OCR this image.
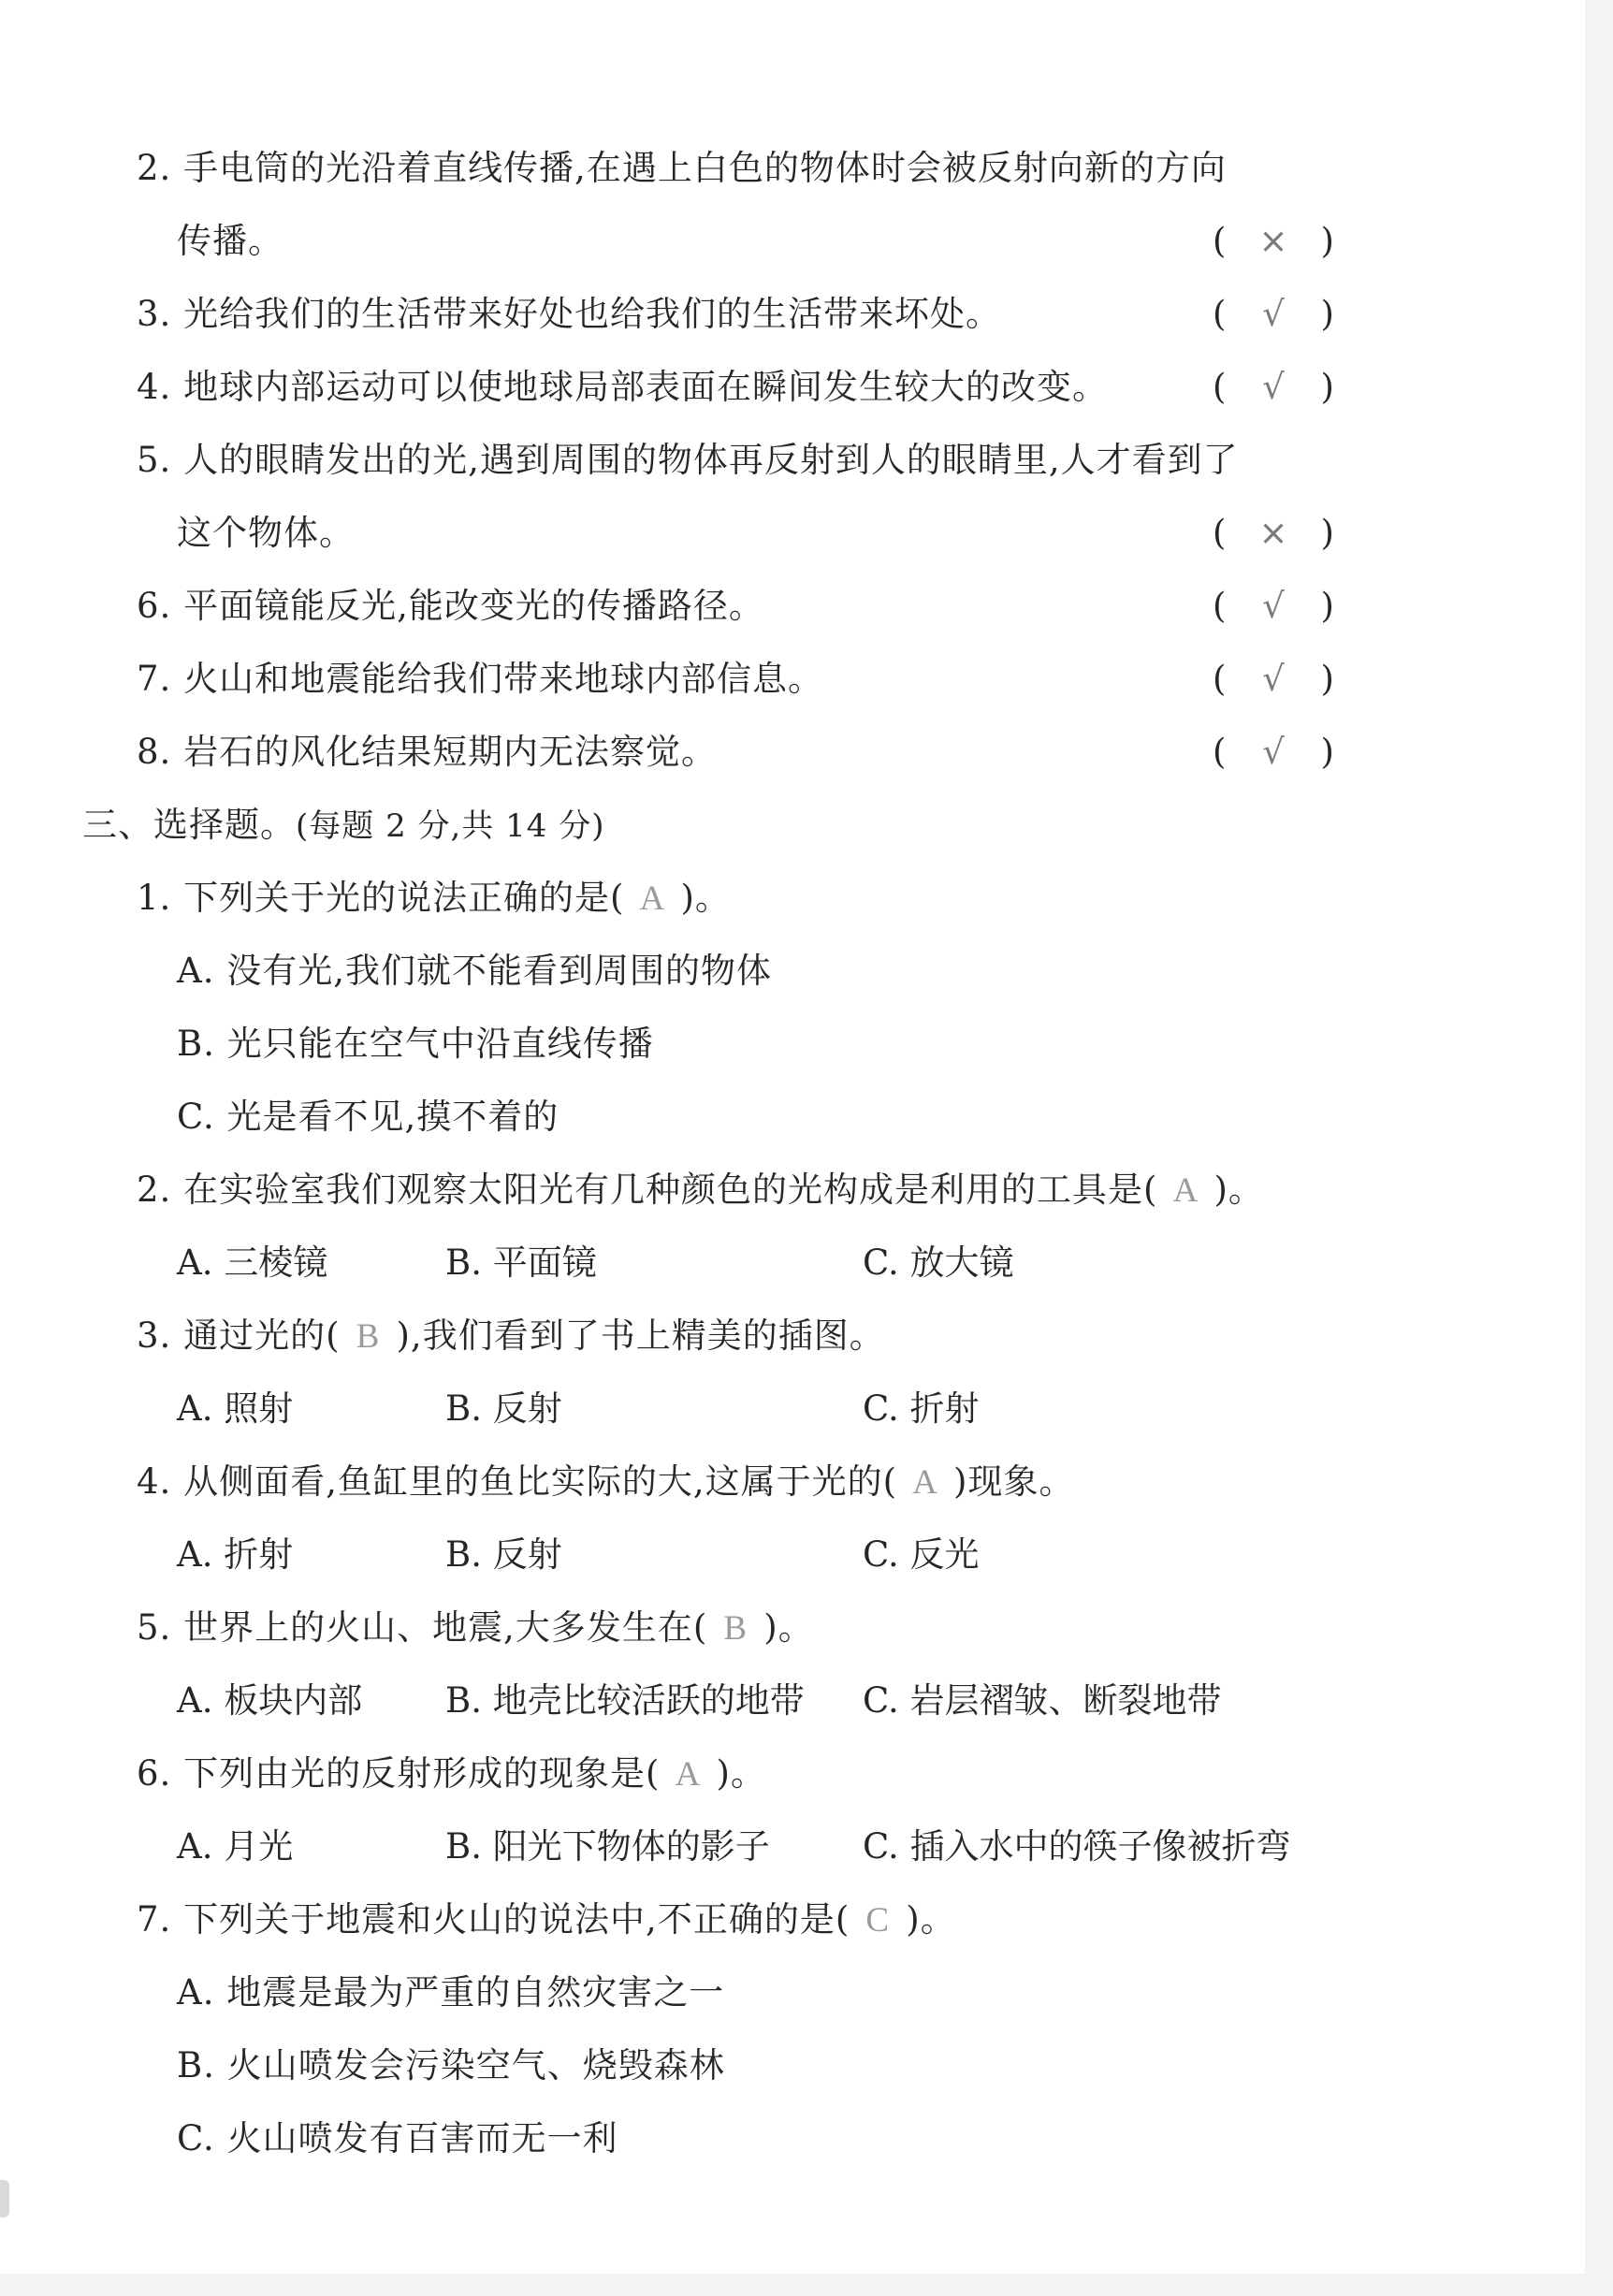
2. 手电筒的光沿着直线传播,在遇上白色的物体时会被反射向新的方向
传播。	( × )
3. 光给我们的生活带来好处也给我们的生活带来坏处。	( √ )
4. 地球内部运动可以使地球局部表面在瞬间发生较大的改变。	( √ )
5. 人的眼睛发出的光,遇到周围的物体再反射到人的眼睛里,人才看到了
这个物体。	( × )
6. 平面镜能反光,能改变光的传播路径。	( √ )
7. 火山和地震能给我们带来地球内部信息。	( √ )
8. 岩石的风化结果短期内无法察觉。	( √ )
三、选择题。(每题 2 分,共 14 分)
1. 下列关于光的说法正确的是( A )。
A. 没有光,我们就不能看到周围的物体
B. 光只能在空气中沿直线传播
C. 光是看不见,摸不着的
2. 在实验室我们观察太阳光有几种颜色的光构成是利用的工具是( A )。
A. 三棱镜	B. 平面镜	C. 放大镜
3. 通过光的( B ),我们看到了书上精美的插图。
A. 照射	B. 反射	C. 折射
4. 从侧面看,鱼缸里的鱼比实际的大,这属于光的( A )现象。
A. 折射	B. 反射	C. 反光
5. 世界上的火山、地震,大多发生在( B )。
A. 板块内部 B. 地壳比较活跃的地带 C. 岩层褶皱、断裂地带
6. 下列由光的反射形成的现象是( A )。
A. 月光	B. 阳光下物体的影子	C. 插入水中的筷子像被折弯
7. 下列关于地震和火山的说法中,不正确的是( C )。
A. 地震是最为严重的自然灾害之一
B. 火山喷发会污染空气、烧毁森林
C. 火山喷发有百害而无一利
